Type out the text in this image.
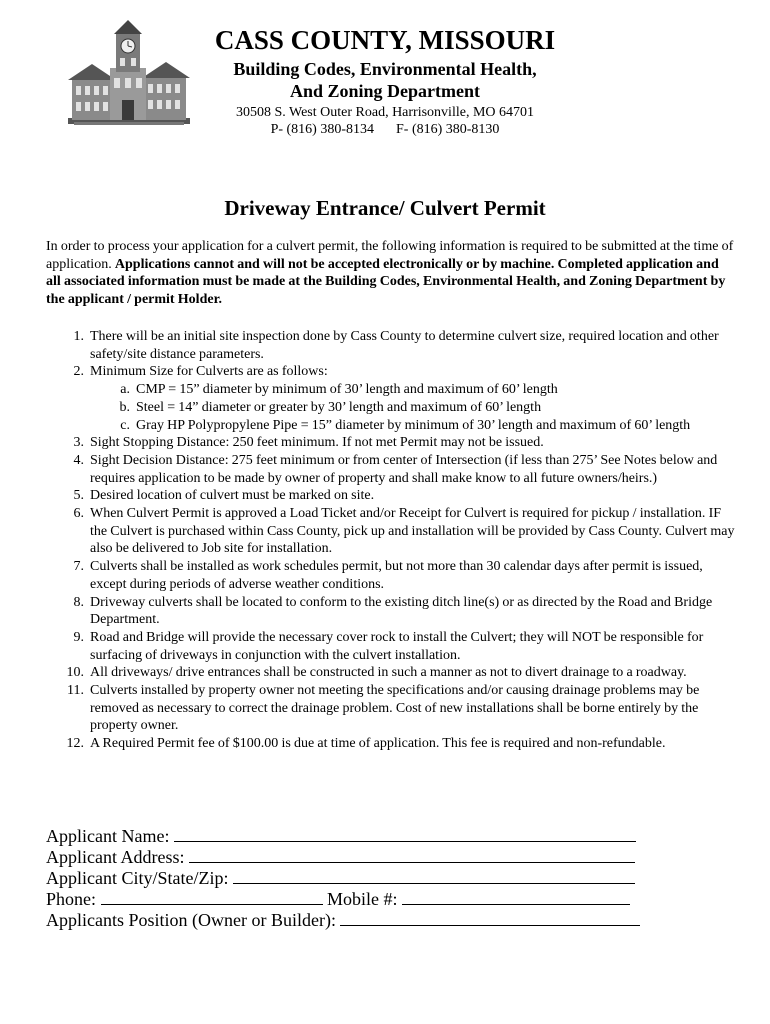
CASS COUNTY, MISSOURI
Building Codes, Environmental Health,
And Zoning Department
30508 S. West Outer Road, Harrisonville, MO 64701
P- (816) 380-8134 F- (816) 380-8130
Driveway Entrance/ Culvert Permit
In order to process your application for a culvert permit, the following information is required to be submitted at the time of application. Applications cannot and will not be accepted electronically or by machine. Completed application and all associated information must be made at the Building Codes, Environmental Health, and Zoning Department by the applicant / permit Holder.
1. There will be an initial site inspection done by Cass County to determine culvert size, required location and other safety/site distance parameters.
2. Minimum Size for Culverts are as follows:
a. CMP = 15” diameter by minimum of 30’ length and maximum of 60’ length
b. Steel = 14” diameter or greater by 30’ length and maximum of 60’ length
c. Gray HP Polypropylene Pipe = 15” diameter by minimum of 30’ length and maximum of 60’ length
3. Sight Stopping Distance: 250 feet minimum. If not met Permit may not be issued.
4. Sight Decision Distance: 275 feet minimum or from center of Intersection (if less than 275’ See Notes below and requires application to be made by owner of property and shall make know to all future owners/heirs.)
5. Desired location of culvert must be marked on site.
6. When Culvert Permit is approved a Load Ticket and/or Receipt for Culvert is required for pickup / installation. IF the Culvert is purchased within Cass County, pick up and installation will be provided by Cass County. Culvert may also be delivered to Job site for installation.
7. Culverts shall be installed as work schedules permit, but not more than 30 calendar days after permit is issued, except during periods of adverse weather conditions.
8. Driveway culverts shall be located to conform to the existing ditch line(s) or as directed by the Road and Bridge Department.
9. Road and Bridge will provide the necessary cover rock to install the Culvert; they will NOT be responsible for surfacing of driveways in conjunction with the culvert installation.
10. All driveways/ drive entrances shall be constructed in such a manner as not to divert drainage to a roadway.
11. Culverts installed by property owner not meeting the specifications and/or causing drainage problems may be removed as necessary to correct the drainage problem. Cost of new installations shall be borne entirely by the property owner.
12. A Required Permit fee of $100.00 is due at time of application. This fee is required and non-refundable.
Applicant Name:
Applicant Address:
Applicant City/State/Zip:
Phone:	Mobile #:
Applicants Position (Owner or Builder):
